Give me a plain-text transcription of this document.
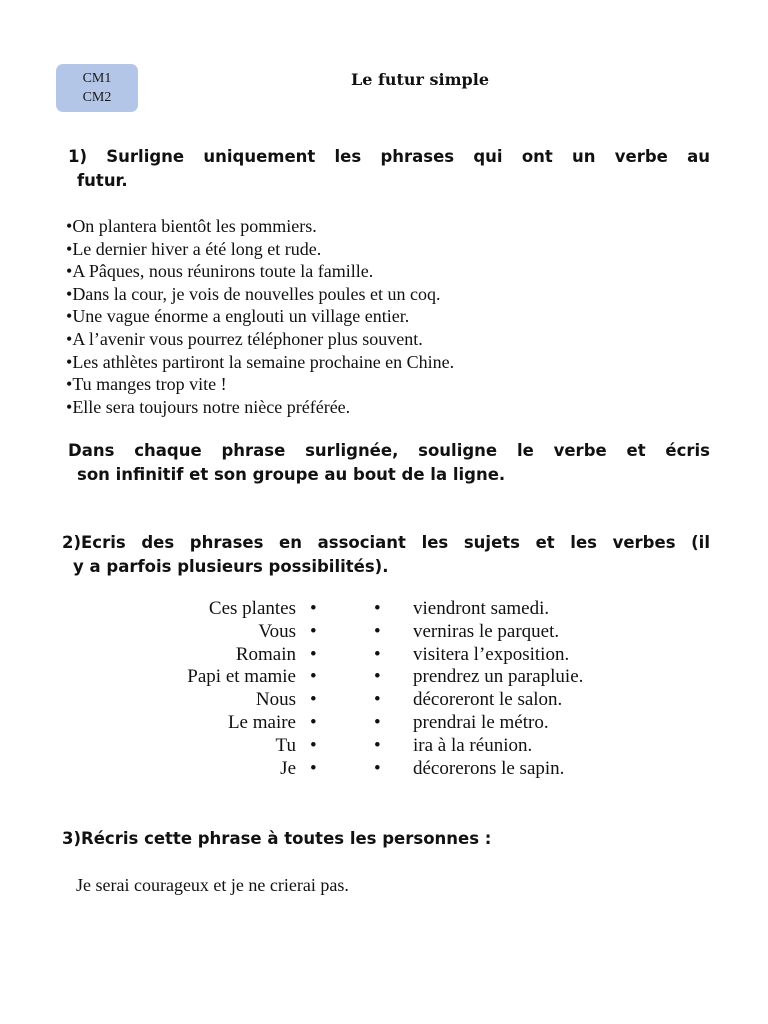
CM1
CM2
Le futur simple
1) Surligne uniquement les phrases qui ont un verbe au
futur.
•On plantera bientôt les pommiers.
•Le dernier hiver a été long et rude.
•A Pâques, nous réunirons toute la famille.
•Dans la cour, je vois de nouvelles poules et un coq.
•Une vague énorme a englouti un village entier.
•A l’avenir vous pourrez téléphoner plus souvent.
•Les athlètes partiront la semaine prochaine en Chine.
•Tu manges trop vite !
•Elle sera toujours notre nièce préférée.
Dans chaque phrase surlignée, souligne le verbe et écris
son infinitif et son groupe au bout de la ligne.
2)Ecris des phrases en associant les sujets et les verbes (il
y a parfois plusieurs possibilités).
Ces plantes
Vous
Romain
Papi et mamie
Nous
Le maire
Tu
Je
•
•
•
•
•
•
•
•
•
•
•
•
•
•
•
•
viendront samedi.
verniras le parquet.
visitera l’exposition.
prendrez un parapluie.
décoreront le salon.
prendrai le métro.
ira à la réunion.
décorerons le sapin.
3)Récris cette phrase à toutes les personnes :
Je serai courageux et je ne crierai pas.
